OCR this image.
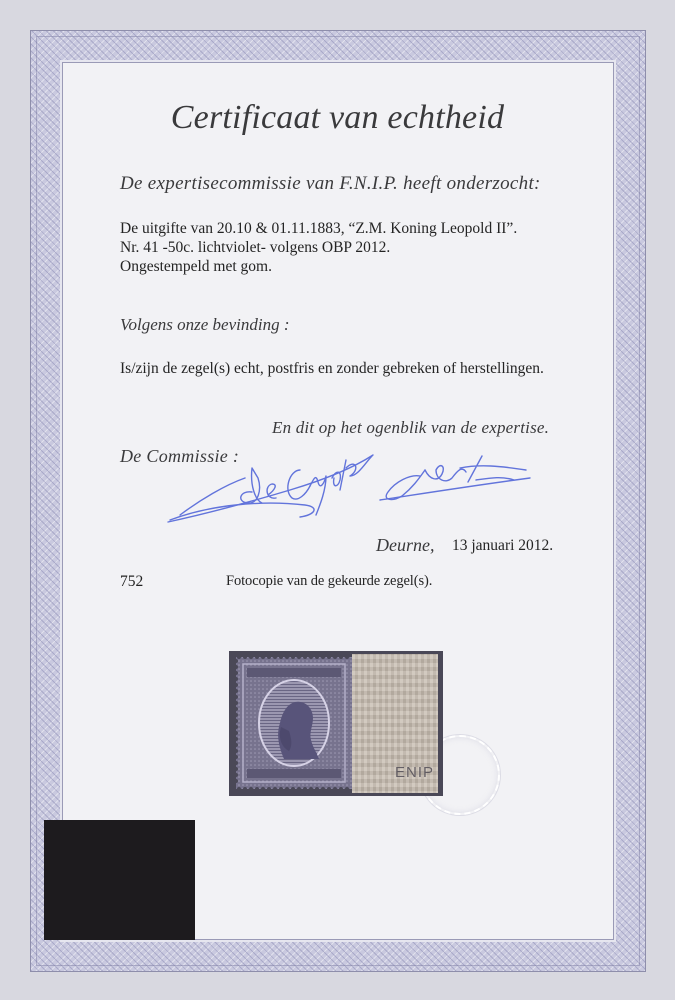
Certificaat van echtheid
De expertisecommissie van F.N.I.P. heeft onderzocht:
De uitgifte van 20.10 & 01.11.1883, “Z.M. Koning Leopold II”.
Nr. 41 -50c. lichtviolet- volgens OBP 2012.
Ongestempeld met gom.
Volgens onze bevinding :
Is/zijn de zegel(s) echt, postfris en zonder gebreken of herstellingen.
En dit op het ogenblik van de expertise.
De Commissie :
Deurne, 13 januari 2012.
752	Fotocopie van de gekeurde zegel(s).
ENIP
